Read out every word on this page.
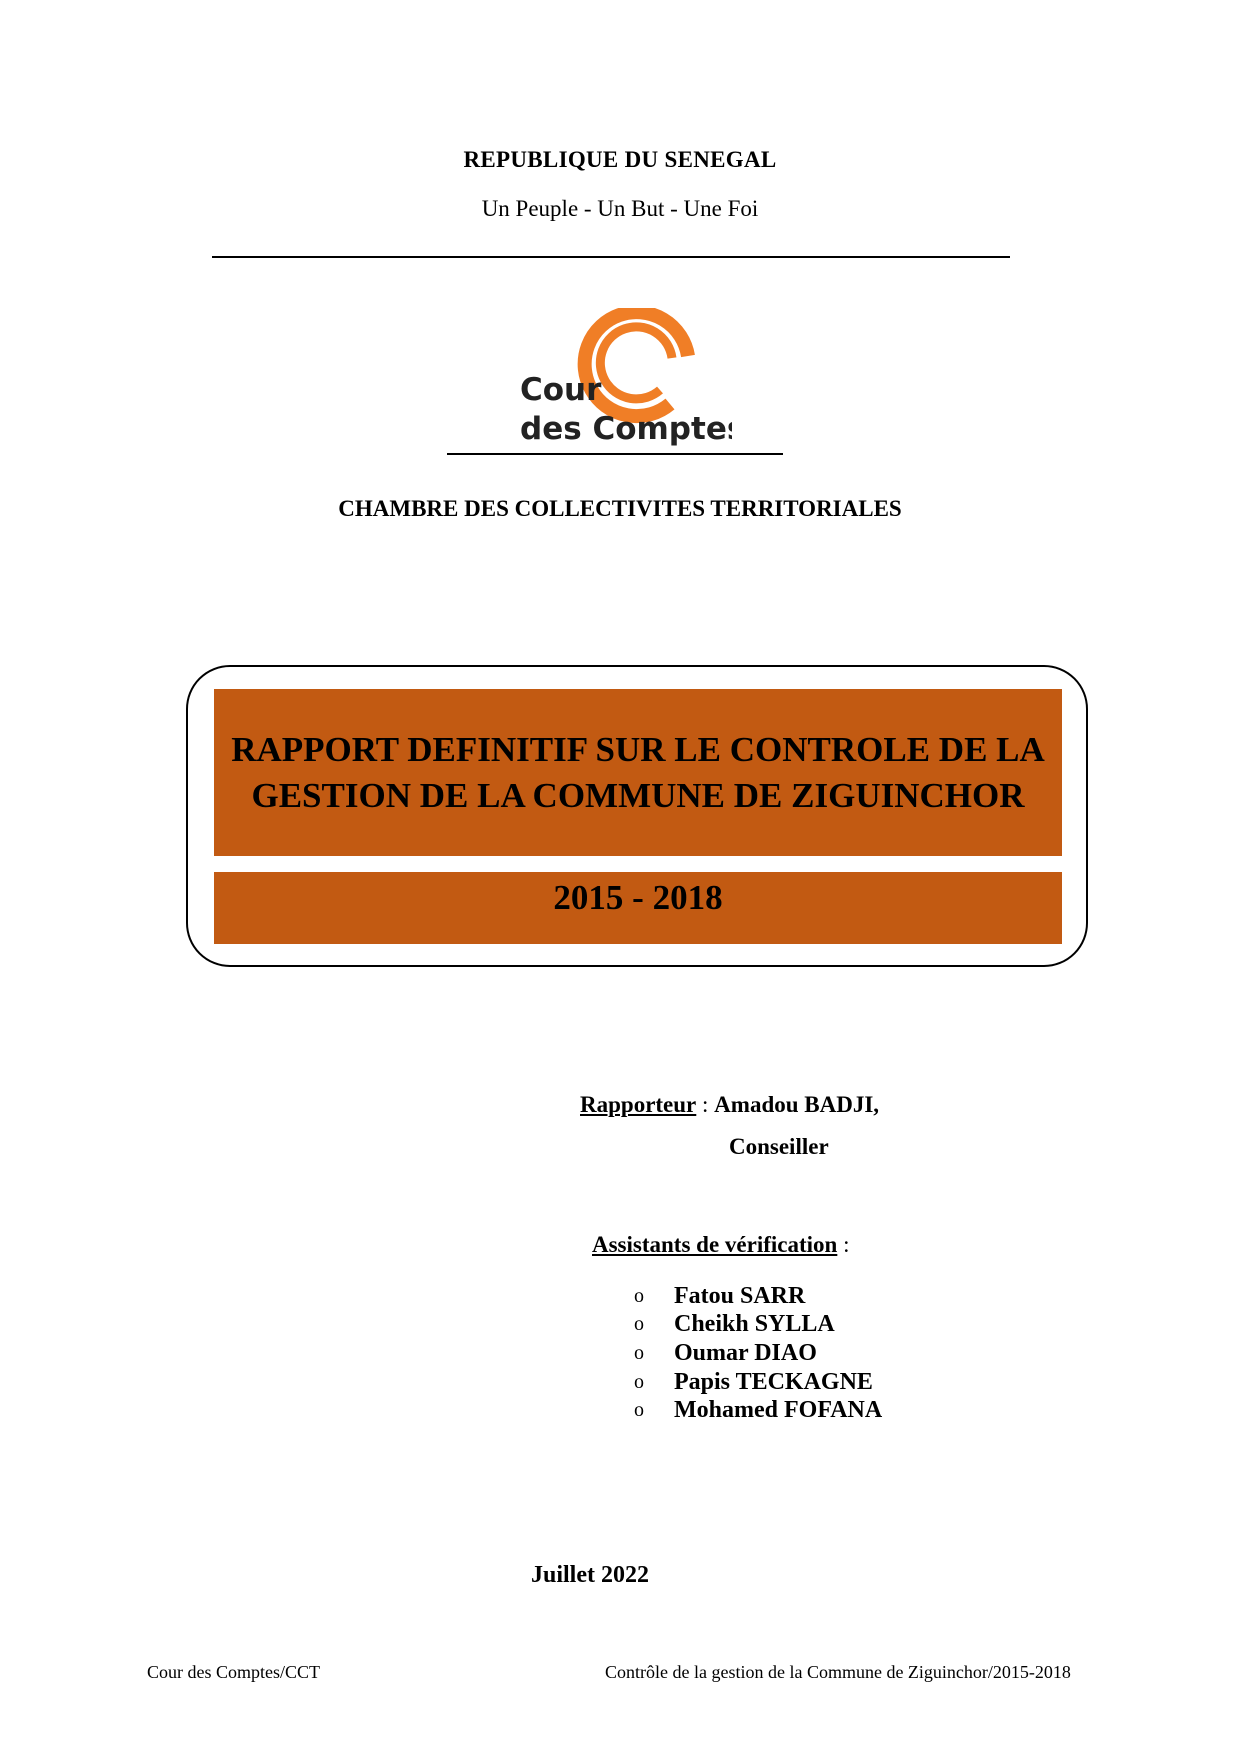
REPUBLIQUE DU SENEGAL
Un Peuple - Un But - Une Foi
Cour
des Comptes
CHAMBRE DES COLLECTIVITES TERRITORIALES
RAPPORT DEFINITIF SUR LE CONTROLE DE LA GESTION DE LA COMMUNE DE ZIGUINCHOR
2015 - 2018
Rapporteur : Amadou BADJI,
Conseiller
Assistants de vérification :
o	Fatou SARR
o	Cheikh SYLLA
o	Oumar DIAO
o	Papis TECKAGNE
o	Mohamed FOFANA
Juillet 2022
Cour des Comptes/CCT	Contrôle de la gestion de la Commune de Ziguinchor/2015-2018
